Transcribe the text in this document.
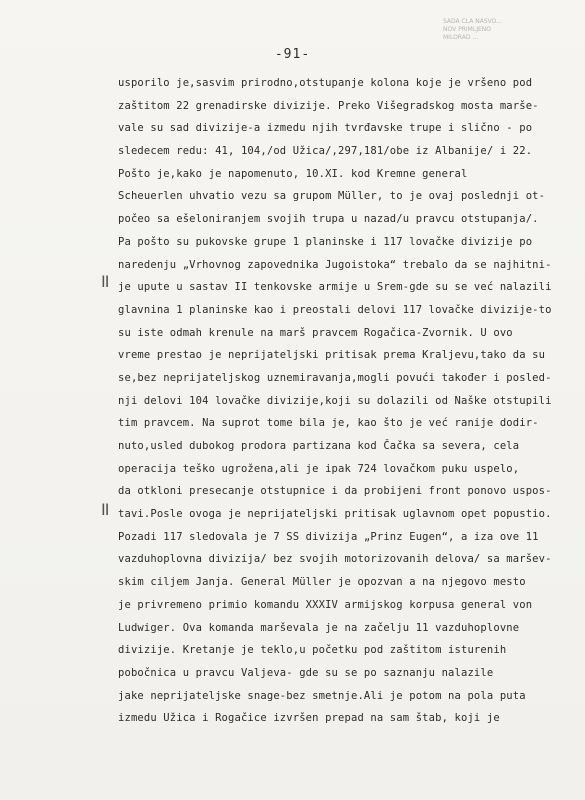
SADA ČLA NASVO...
NOV PRIMLJENO
MILORAD ...
-91-
II
II
usporilo je,sasvim prirodno,otstupanje kolona koje je vršeno pod
zaštitom 22 grenadirske divizije. Preko Višegradskog mosta marše-
vale su sad divizije-a izmedu njih tvrđavske trupe i slično - po
sledecem redu: 41, 104,/od Užica/,297,181/obe iz Albanije/ i 22.
Pošto je,kako je napomenuto, 10.XI. kod Kremne general
Scheuerlen uhvatio vezu sa grupom Müller, to je ovaj poslednji ot-
počeo sa ešeloniranjem svojih trupa u nazad/u pravcu otstupanja/.
Pa pošto su pukovske grupe 1 planinske i 117 lovačke divizije po
naredenju „Vrhovnog zapovednika Jugoistoka“ trebalo da se najhitni-
je upute u sastav II tenkovske armije u Srem-gde su se već nalazili
glavnina 1 planinske kao i preostali delovi 117 lovačke divizije-to
su iste odmah krenule na marš pravcem Rogačica-Zvornik. U ovo
vreme prestao je neprijateljski pritisak prema Kraljevu,tako da su
se,bez neprijateljskog uznemiravanja,mogli povući također i posled-
nji delovi 104 lovačke divizije,koji su dolazili od Naške otstupili
tim pravcem. Na suprot tome bila je, kao što je već ranije dodir-
nuto,usled dubokog prodora partizana kod Čačka sa severa, cela
operacija teško ugrožena,ali je ipak 724 lovačkom puku uspelo,
da otkloni presecanje otstupnice i da probijeni front ponovo uspos-
tavi.Posle ovoga je neprijateljski pritisak uglavnom opet popustio.
Pozadi 117 sledovala je 7 SS divizija „Prinz Eugen“, a iza ove 11
vazduhoplovna divizija/ bez svojih motorizovanih delova/ sa maršev-
skim ciljem Janja. General Müller je opozvan a na njegovo mesto
je privremeno primio komandu XXXIV armijskog korpusa general von
Ludwiger. Ova komanda marševala je na začelju 11 vazduhoplovne
divizije. Kretanje je teklo,u početku pod zaštitom isturenih
pobočnica u pravcu Valjeva- gde su se po saznanju nalazile
jake neprijateljske snage-bez smetnje.Ali je potom na pola puta
izmedu Užica i Rogačice izvršen prepad na sam štab, koji je
